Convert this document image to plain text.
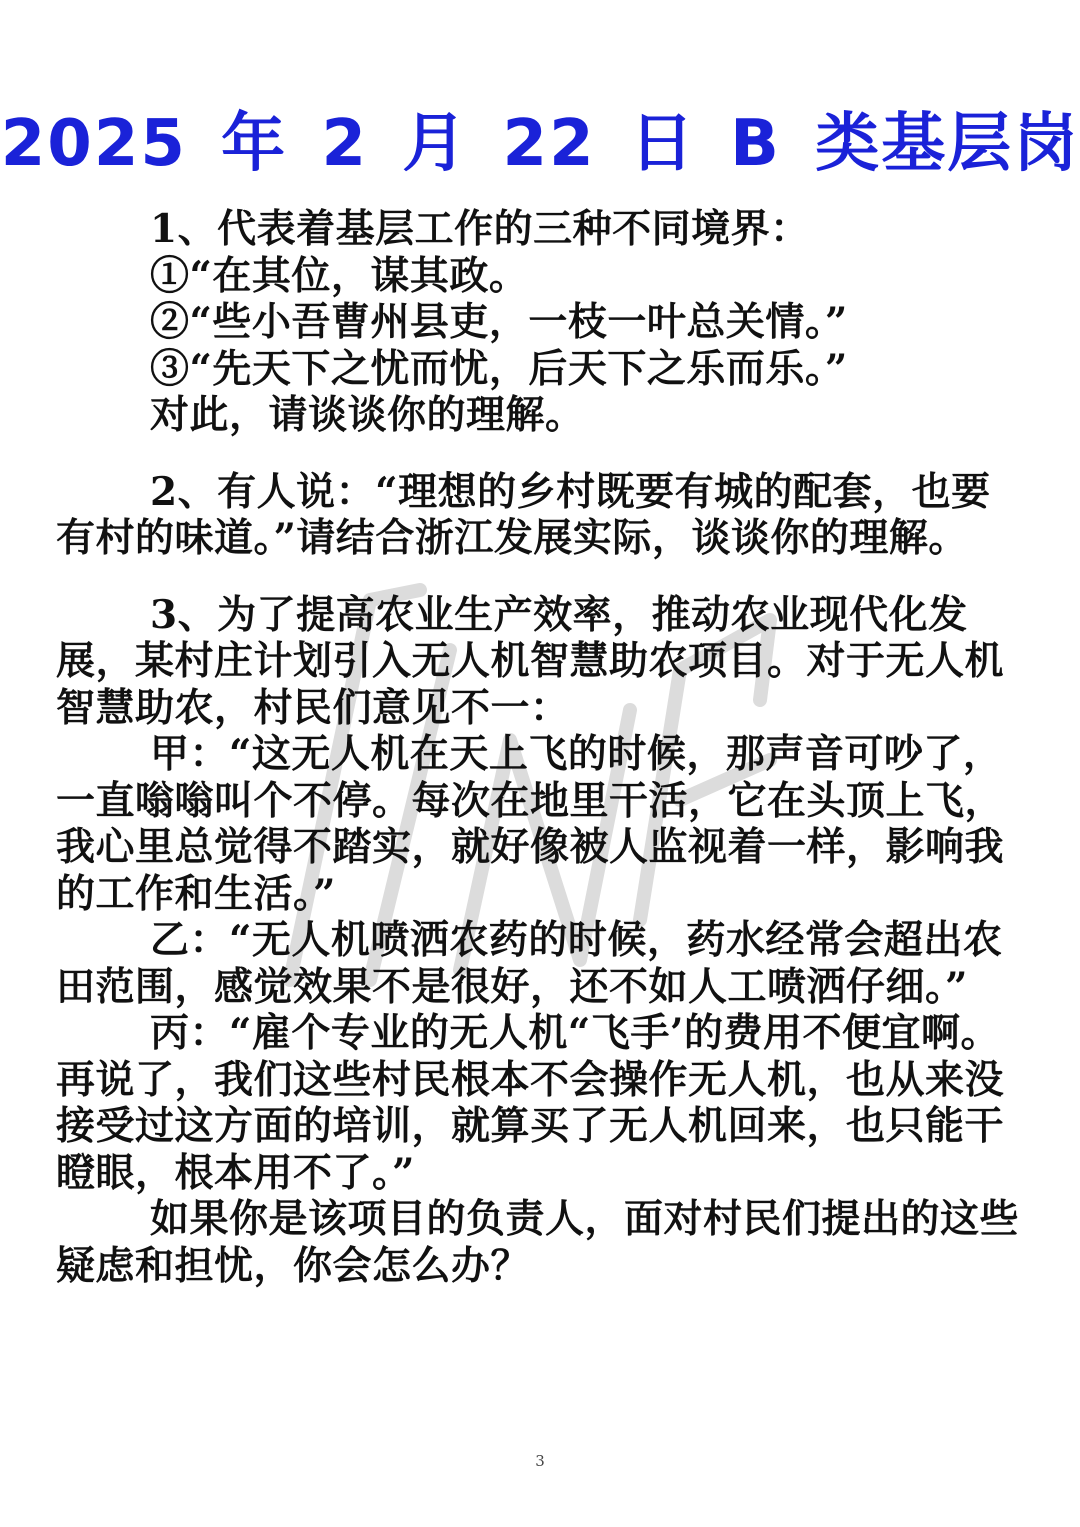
2025 年 2 月 22 日 B 类基层岗

1、代表着基层工作的三种不同境界：

①“在其位，谋其政。

②“些小吾曹州县吏，一枝一叶总关情。”

③“先天下之忧而忧，后天下之乐而乐。”

对此，请谈谈你的理解。

2、有人说：“理想的乡村既要有城的配套，也要有村的味道。”请结合浙江发展实际，谈谈你的理解。

3、为了提高农业生产效率，推动农业现代化发展，某村庄计划引入无人机智慧助农项目。对于无人机智慧助农，村民们意见不一：

甲：“这无人机在天上飞的时候，那声音可吵了，一直嗡嗡叫个不停。每次在地里干活，它在头顶上飞，我心里总觉得不踏实，就好像被人监视着一样，影响我的工作和生活。”

乙：“无人机喷洒农药的时候，药水经常会超出农田范围，感觉效果不是很好，还不如人工喷洒仔细。”

丙：“雇个专业的无人机“飞手’的费用不便宜啊。再说了，我们这些村民根本不会操作无人机，也从来没接受过这方面的培训，就算买了无人机回来，也只能干瞪眼，根本用不了。”

如果你是该项目的负责人，面对村民们提出的这些疑虑和担忧，你会怎么办？

3
